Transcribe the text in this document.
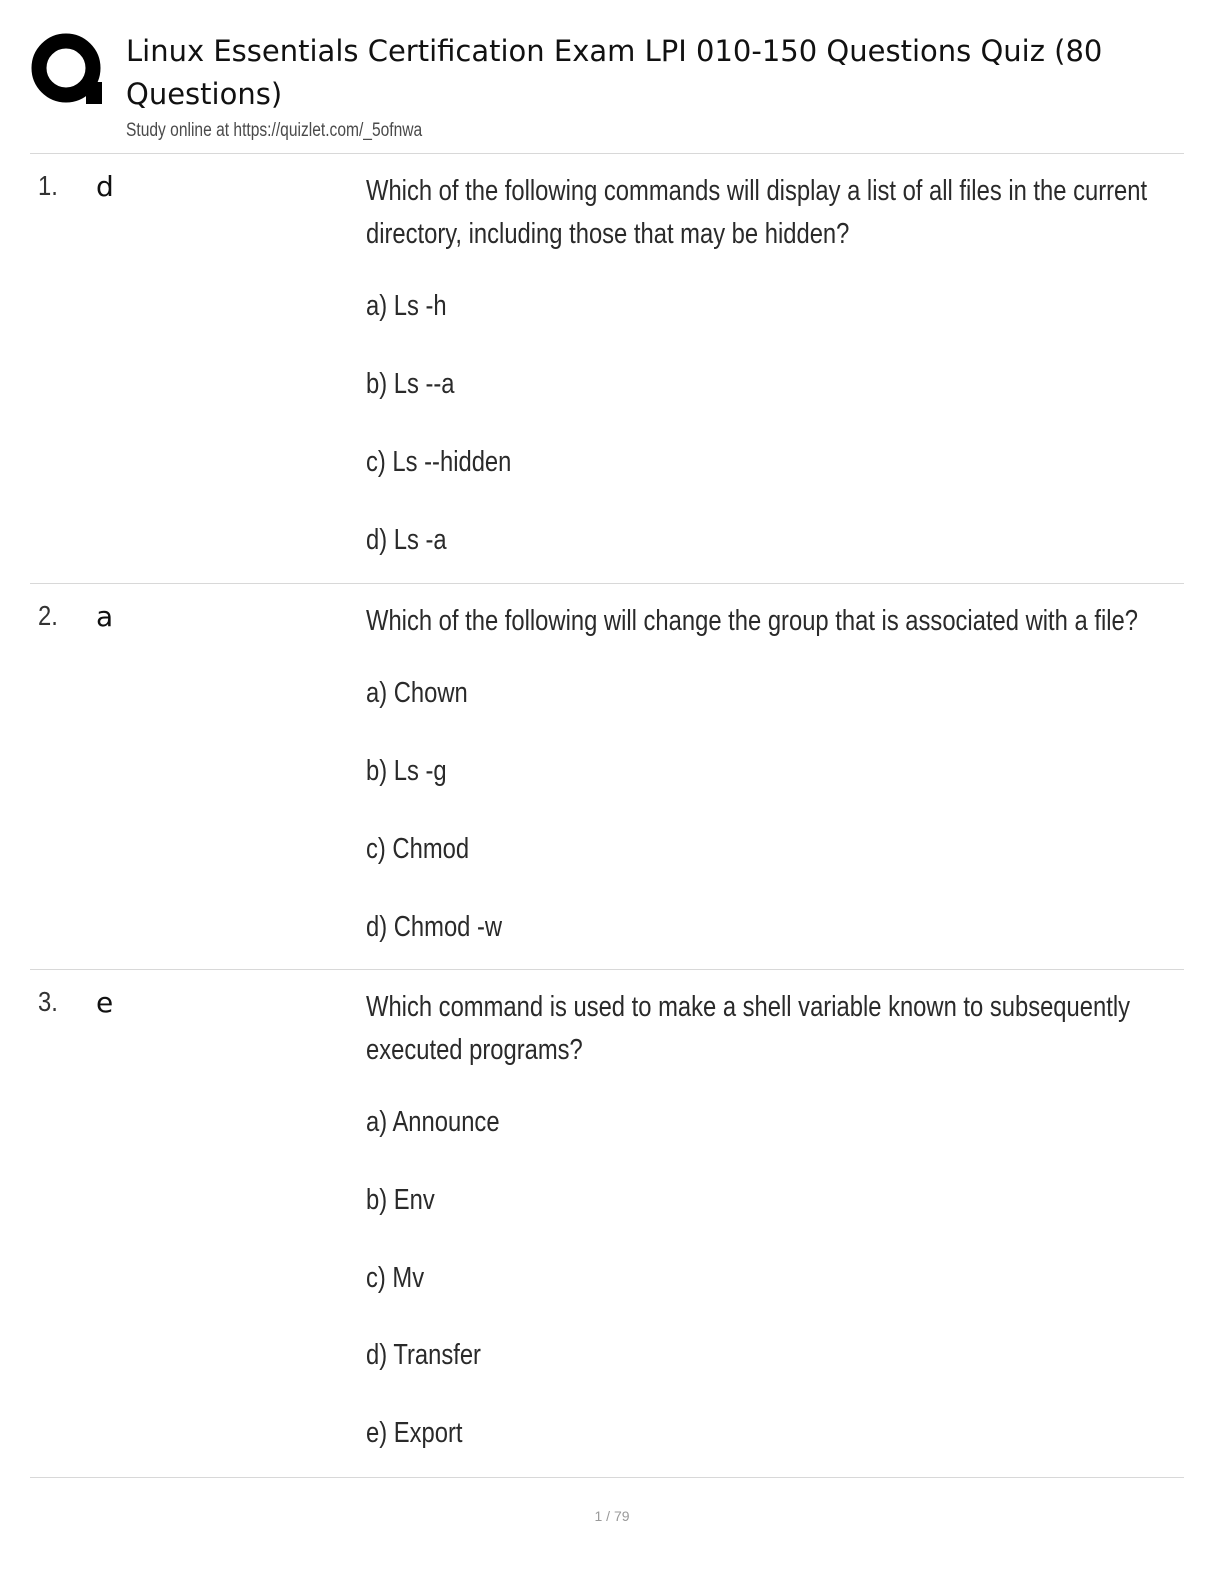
Linux Essentials Certification Exam LPI 010-150 Questions Quiz (80 Questions)
Study online at https://quizlet.com/_5ofnwa
1. d	Which of the following commands will display a list of all files in the current directory, including those that may be hidden?

a) Ls -h
b) Ls --a
c) Ls --hidden
d) Ls -a
2. a	Which of the following will change the group that is associated with a file?

a) Chown
b) Ls -g
c) Chmod
d) Chmod -w
3. e	Which command is used to make a shell variable known to subsequently executed programs?

a) Announce
b) Env
c) Mv
d) Transfer
e) Export
1 / 79
